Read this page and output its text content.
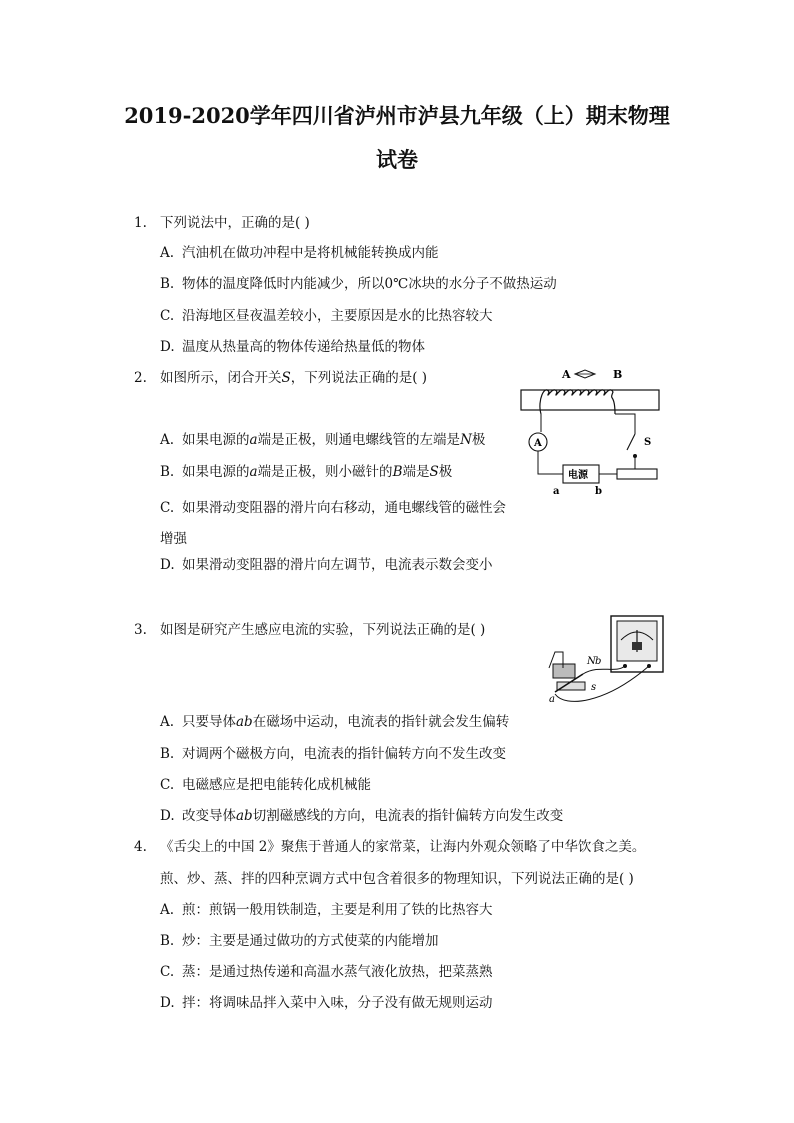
2019-2020学年四川省泸州市泸县九年级（上）期末物理
试卷
1. 下列说法中，正确的是( )
A. 汽油机在做功冲程中是将机械能转换成内能
B. 物体的温度降低时内能减少，所以0℃冰块的水分子不做热运动
C. 沿海地区昼夜温差较小，主要原因是水的比热容较大
D. 温度从热量高的物体传递给热量低的物体
2. 如图所示，闭合开关S，下列说法正确的是( )
A. 如果电源的a端是正极，则通电螺线管的左端是N极
B. 如果电源的a端是正极，则小磁针的B端是S极
C. 如果滑动变阻器的滑片向右移动，通电螺线管的磁性会增强
D. 如果滑动变阻器的滑片向左调节，电流表示数会变小
A	B
A
电源
a	b
S
3. 如图是研究产生感应电流的实验，下列说法正确的是( )
A. 只要导体ab在磁场中运动，电流表的指针就会发生偏转
B. 对调两个磁极方向，电流表的指针偏转方向不发生改变
C. 电磁感应是把电能转化成机械能
D. 改变导体ab切割磁感线的方向，电流表的指针偏转方向发生改变
N b
a
s
4. 《舌尖上的中国 2》聚焦于普通人的家常菜，让海内外观众领略了中华饮食之美。
煎、炒、蒸、拌的四种烹调方式中包含着很多的物理知识，下列说法正确的是( )
A. 煎：煎锅一般用铁制造，主要是利用了铁的比热容大
B. 炒：主要是通过做功的方式使菜的内能增加
C. 蒸：是通过热传递和高温水蒸气液化放热，把菜蒸熟
D. 拌：将调味品拌入菜中入味，分子没有做无规则运动
